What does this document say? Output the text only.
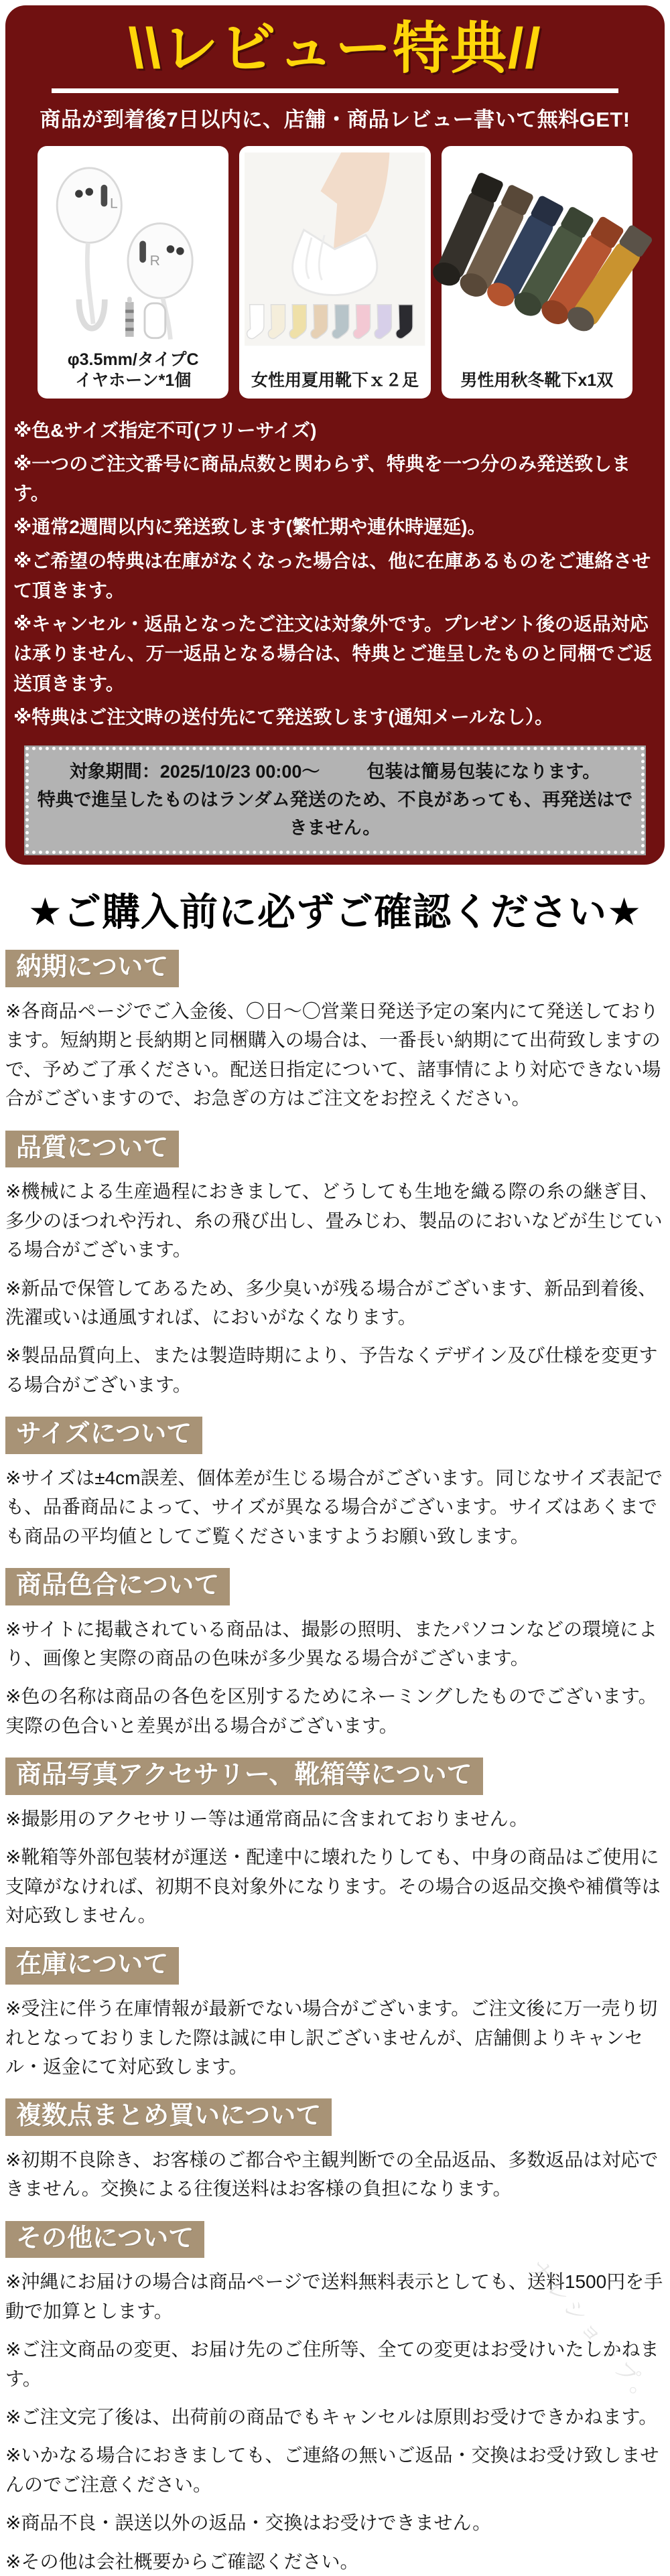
\\レビュー特典//

商品が到着後7日以内に、店舗・商品レビュー書いて無料GET!

L
R
φ3.5mm/タイプC
イヤホーン*1個	女性用夏用靴下ｘ２足	男性用秋冬靴下x1双
※色&サイズ指定不可(フリーサイズ)
※一つのご注文番号に商品点数と関わらず、特典を一つ分のみ発送致します。
※通常2週間以内に発送致します(繁忙期や連休時遅延)。
※ご希望の特典は在庫がなくなった場合は、他に在庫あるものをご連絡させて頂きます。
※キャンセル・返品となったご注文は対象外です。プレゼント後の返品対応は承りません、万一返品となる場合は、特典とご進呈したものと同梱でご返送頂きます。
※特典はご注文時の送付先にて発送致します(通知メールなし）。
対象期間：2025/10/23 00:00～	包装は簡易包装になります。
特典で進呈したものはランダム発送のため、不良があっても、再発送はできません。
★ご購入前に必ずご確認ください★
納期について

※各商品ページでご入金後、〇日～〇営業日発送予定の案内にて発送しております。短納期と長納期と同梱購入の場合は、一番長い納期にて出荷致しますので、予めご了承ください。配送日指定について、諸事情により対応できない場合がございますので、お急ぎの方はご注文をお控えください。

品質について

※機械による生産過程におきまして、どうしても生地を織る際の糸の継ぎ目、多少のほつれや汚れ、糸の飛び出し、畳みじわ、製品のにおいなどが生じている場合がございます。

※新品で保管してあるため、多少臭いが残る場合がございます、新品到着後、洗濯或いは通風すれば、においがなくなります。

※製品品質向上、または製造時期により、予告なくデザイン及び仕様を変更する場合がございます。

サイズについて

※サイズは±4cm誤差、個体差が生じる場合がございます。同じなサイズ表記でも、品番商品によって、サイズが異なる場合がございます。サイズはあくまでも商品の平均値としてご覧くださいますようお願い致します。

商品色合について

※サイトに掲載されている商品は、撮影の照明、またパソコンなどの環境により、画像と実際の商品の色味が多少異なる場合がございます。

※色の名称は商品の各色を区別するためにネーミングしたものでございます。実際の色合いと差異が出る場合がございます。

商品写真アクセサリー、靴箱等について

※撮影用のアクセサリー等は通常商品に含まれておりません。

※靴箱等外部包装材が運送・配達中に壊れたりしても、中身の商品はご使用に支障がなければ、初期不良対象外になります。その場合の返品交換や補償等は対応致しません。

在庫について

※受注に伴う在庫情報が最新でない場合がございます。ご注文後に万一売り切れとなっておりました際は誠に申し訳ございませんが、店舗側よりキャンセル・返金にて対応致します。

複数点まとめ買いについて

※初期不良除き、お客様のご都合や主観判断での全品返品、多数返品は対応できません。交換による往復送料はお客様の負担になります。

その他について

※沖縄にお届けの場合は商品ページで送料無料表示としても、送料1500円を手動で加算とします。

※ご注文商品の変更、お届け先のご住所等、全ての変更はお受けいたしかねます。

※ご注文完了後は、出荷前の商品でもキャンセルは原則お受けできかねます。

※いかなる場合におきましても、ご連絡の無いご返品・交換はお受け致しませんのでご注意ください。

※商品不良・誤送以外の返品・交換はお受けできません。

※その他は会社概要からご確認ください。

ナレショップ。
